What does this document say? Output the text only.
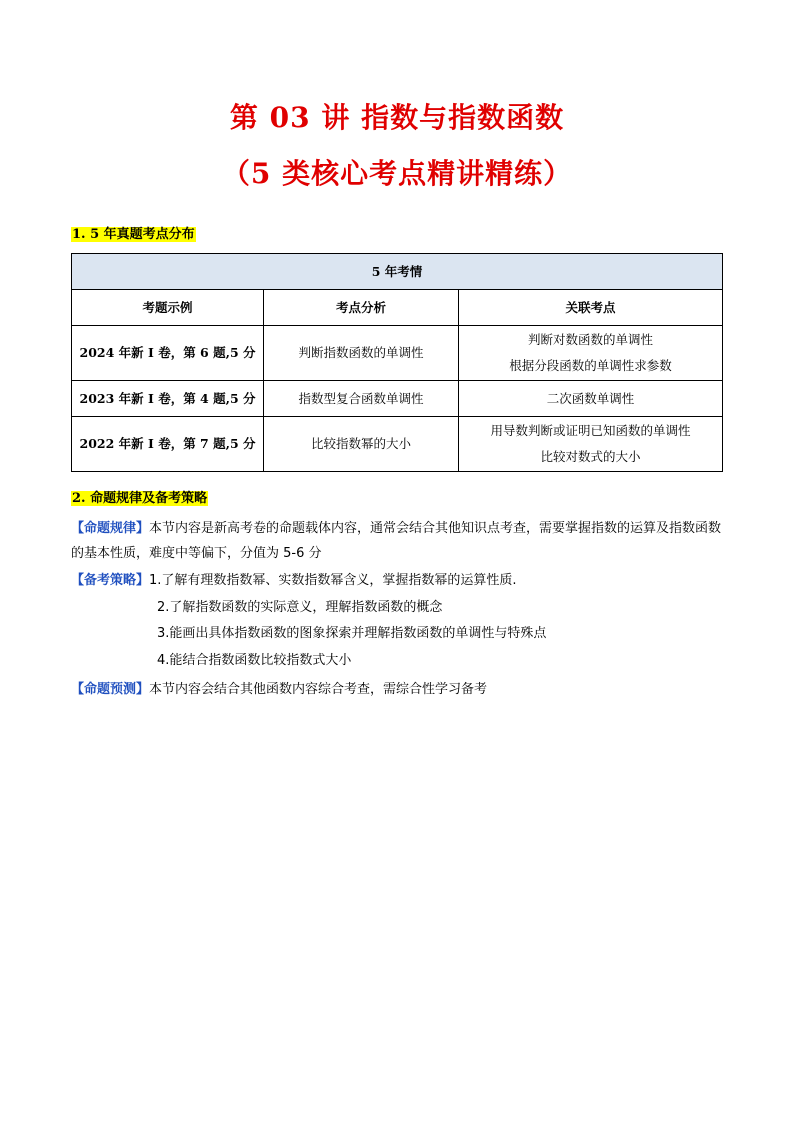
第 03 讲 指数与指数函数
（5 类核心考点精讲精练）
1. 5 年真题考点分布
5 年考情		
考题示例	考点分析	关联考点
2024 年新 I 卷，第 6 题,5 分	判断指数函数的单调性	判断对数函数的单调性
根据分段函数的单调性求参数

2023 年新 I 卷，第 4 题,5 分	指数型复合函数单调性	二次函数单调性

2022 年新 I 卷，第 7 题,5 分	比较指数幂的大小	用导数判断或证明已知函数的单调性
比较对数式的大小
2. 命题规律及备考策略
【命题规律】本节内容是新高考卷的命题载体内容，通常会结合其他知识点考查，需要掌握指数的运算及指数函数的基本性质，难度中等偏下，分值为 5-6 分
【备考策略】1.了解有理数指数幂、实数指数幂含义，掌握指数幂的运算性质.
2.了解指数函数的实际意义，理解指数函数的概念
3.能画出具体指数函数的图象探索并理解指数函数的单调性与特殊点
4.能结合指数函数比较指数式大小
【命题预测】本节内容会结合其他函数内容综合考查，需综合性学习备考
